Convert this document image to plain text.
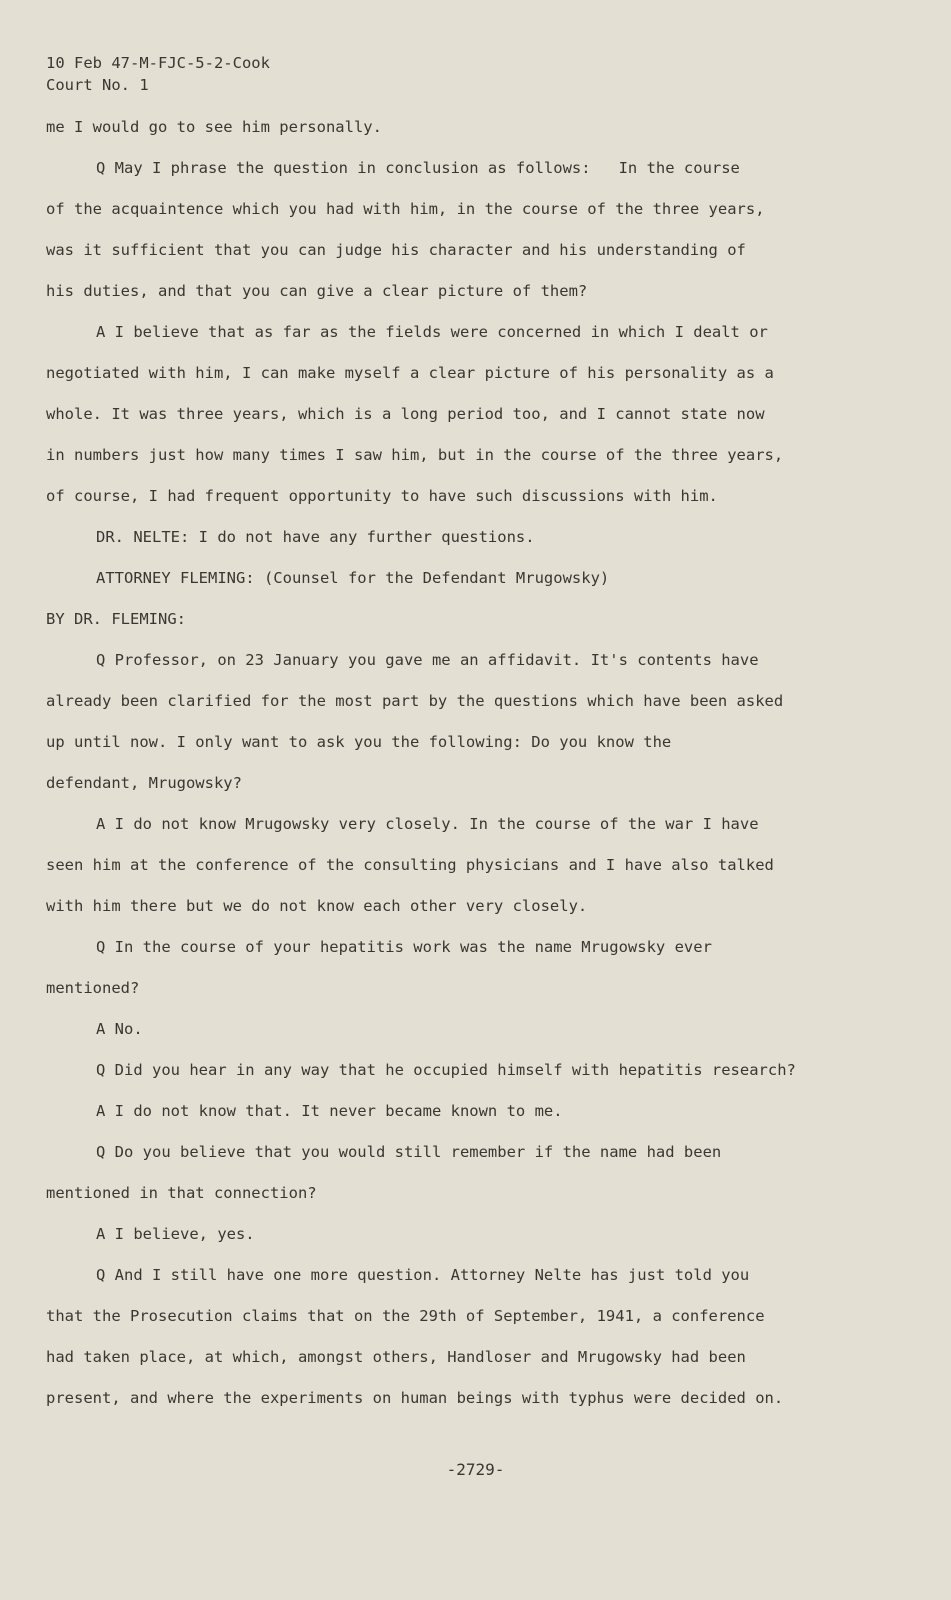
10 Feb 47-M-FJC-5-2-Cook
Court No. 1
me I would go to see him personally.
Q May I phrase the question in conclusion as follows:   In the course
of the acquaintence which you had with him, in the course of the three years,
was it sufficient that you can judge his character and his understanding of
his duties, and that you can give a clear picture of them?
A I believe that as far as the fields were concerned in which I dealt or
negotiated with him, I can make myself a clear picture of his personality as a
whole. It was three years, which is a long period too, and I cannot state now
in numbers just how many times I saw him, but in the course of the three years,
of course, I had frequent opportunity to have such discussions with him.
DR. NELTE: I do not have any further questions.
ATTORNEY FLEMING: (Counsel for the Defendant Mrugowsky)
BY DR. FLEMING:
Q Professor, on 23 January you gave me an affidavit. It's contents have
already been clarified for the most part by the questions which have been asked
up until now. I only want to ask you the following: Do you know the
defendant, Mrugowsky?
A I do not know Mrugowsky very closely. In the course of the war I have
seen him at the conference of the consulting physicians and I have also talked
with him there but we do not know each other very closely.
Q In the course of your hepatitis work was the name Mrugowsky ever
mentioned?
A No.
Q Did you hear in any way that he occupied himself with hepatitis research?
A I do not know that. It never became known to me.
Q Do you believe that you would still remember if the name had been
mentioned in that connection?
A I believe, yes.
Q And I still have one more question. Attorney Nelte has just told you
that the Prosecution claims that on the 29th of September, 1941, a conference
had taken place, at which, amongst others, Handloser and Mrugowsky had been
present, and where the experiments on human beings with typhus were decided on.
-2729-
